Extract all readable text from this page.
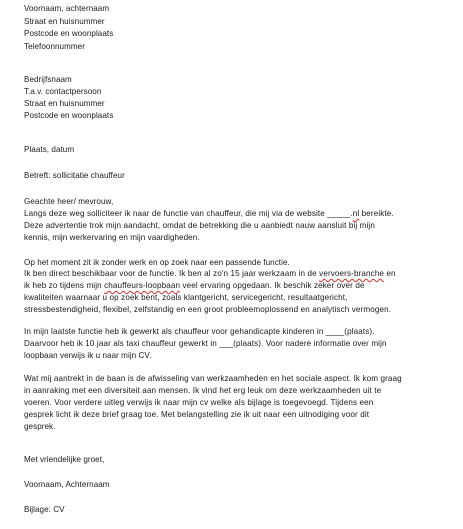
Voornaam, achternaam
Straat en huisnummer
Postcode en woonplaats
Telefoonnummer
Bedrijfsnaam
T.a.v. contactpersoon
Straat en huisnummer
Postcode en woonplaats
Plaats, datum
Betreft: sollicitatie chauffeur
Geachte heer/ mevrouw,
Langs deze weg solliciteer ik naar de functie van chauffeur, die mij via de website _____.nl bereikte.
Deze advertentie trok mijn aandacht, omdat de betrekking die u aanbiedt nauw aansluit bij mijn
kennis, mijn werkervaring en mijn vaardigheden.
Op het moment zit ik zonder werk en op zoek naar een passende functie.
Ik ben direct beschikbaar voor de functie. Ik ben al zo'n 15 jaar werkzaam in de vervoers-branche en
ik heb zo tijdens mijn chauffeurs-loopbaan veel ervaring opgedaan. Ik beschik zeker over de
kwaliteiten waarnaar u op zoek bent, zoals klantgericht, servicegericht, resultaatgericht,
stressbestendigheid, flexibel, zelfstandig en een groot probleemoplossend en analytisch vermogen.
In mijn laatste functie heb ik gewerkt als chauffeur voor gehandicapte kinderen in ____(plaats).
Daarvoor heb ik 10 jaar als taxi chauffeur gewerkt in ___(plaats). Voor nadere informatie over mijn
loopbaan verwijs ik u naar mijn CV.
Wat mij aantrekt in de baan is de afwisseling van werkzaamheden en het sociale aspect. Ik kom graag
in aanraking met een diversiteit aan mensen. Ik vind het erg leuk om deze werkzaamheden uit te
voeren. Voor verdere uitleg verwijs ik naar mijn cv welke als bijlage is toegevoegd. Tijdens een
gesprek licht ik deze brief graag toe. Met belangstelling zie ik uit naar een uitnodiging voor dit
gesprek.
Met vriendelijke groet,
Voornaam, Achternaam
Bijlage: CV
